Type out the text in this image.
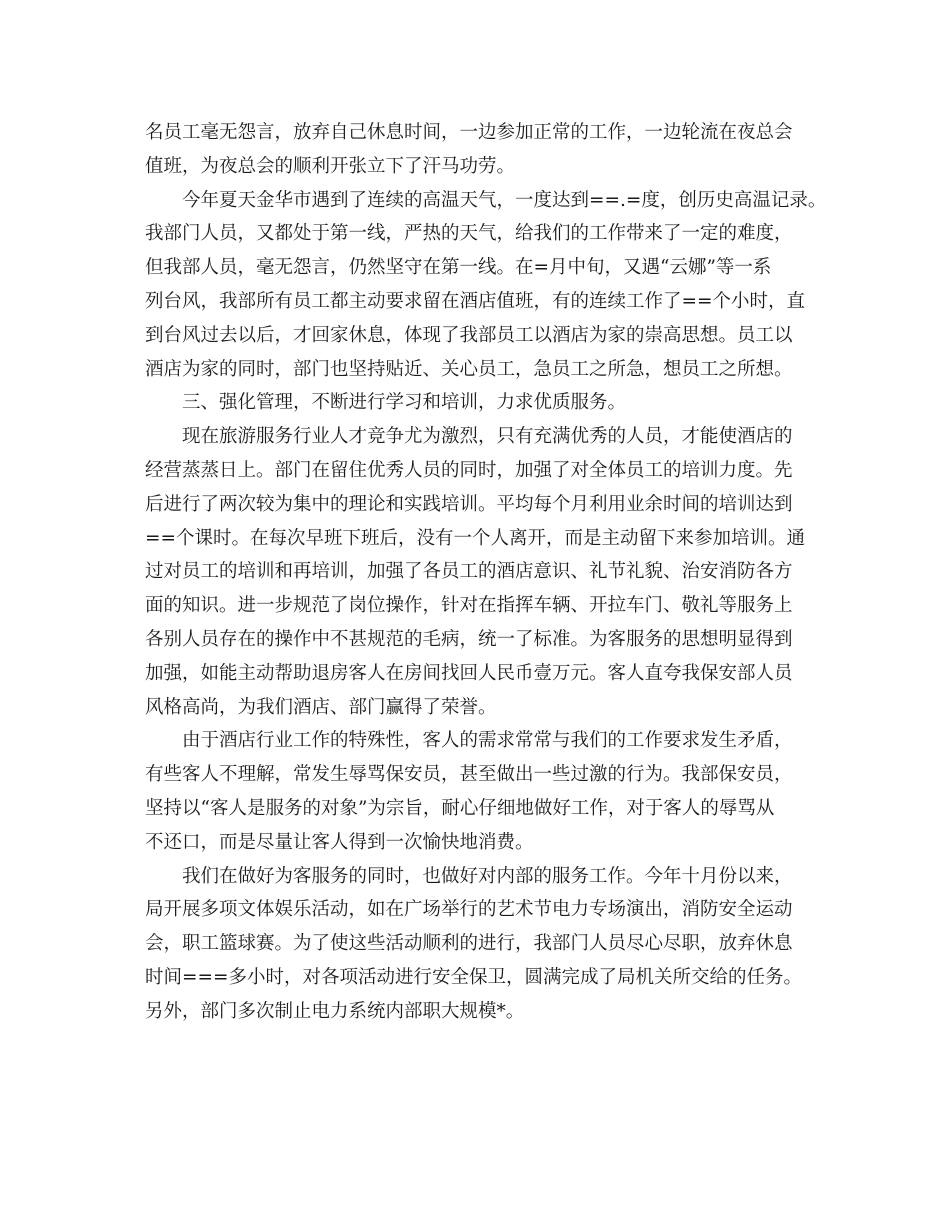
名员工毫无怨言，放弃自己休息时间，一边参加正常的工作，一边轮流在夜总会
值班，为夜总会的顺利开张立下了汗马功劳。
今年夏天金华市遇到了连续的高温天气，一度达到==.=度，创历史高温记录。
我部门人员，又都处于第一线，严热的天气，给我们的工作带来了一定的难度，
但我部人员，毫无怨言，仍然坚守在第一线。在=月中旬，又遇“云娜”等一系
列台风，我部所有员工都主动要求留在酒店值班，有的连续工作了==个小时，直
到台风过去以后，才回家休息，体现了我部员工以酒店为家的崇高思想。员工以
酒店为家的同时，部门也坚持贴近、关心员工，急员工之所急，想员工之所想。
三、强化管理，不断进行学习和培训，力求优质服务。
现在旅游服务行业人才竞争尤为激烈，只有充满优秀的人员，才能使酒店的
经营蒸蒸日上。部门在留住优秀人员的同时，加强了对全体员工的培训力度。先
后进行了两次较为集中的理论和实践培训。平均每个月利用业余时间的培训达到
==个课时。在每次早班下班后，没有一个人离开，而是主动留下来参加培训。通
过对员工的培训和再培训，加强了各员工的酒店意识、礼节礼貌、治安消防各方
面的知识。进一步规范了岗位操作，针对在指挥车辆、开拉车门、敬礼等服务上
各别人员存在的操作中不甚规范的毛病，统一了标准。为客服务的思想明显得到
加强，如能主动帮助退房客人在房间找回人民币壹万元。客人直夸我保安部人员
风格高尚，为我们酒店、部门赢得了荣誉。
由于酒店行业工作的特殊性，客人的需求常常与我们的工作要求发生矛盾，
有些客人不理解，常发生辱骂保安员，甚至做出一些过激的行为。我部保安员，
坚持以“客人是服务的对象”为宗旨，耐心仔细地做好工作，对于客人的辱骂从
不还口，而是尽量让客人得到一次愉快地消费。
我们在做好为客服务的同时，也做好对内部的服务工作。今年十月份以来，
局开展多项文体娱乐活动，如在广场举行的艺术节电力专场演出，消防安全运动
会，职工篮球赛。为了使这些活动顺利的进行，我部门人员尽心尽职，放弃休息
时间===多小时，对各项活动进行安全保卫，圆满完成了局机关所交给的任务。
另外，部门多次制止电力系统内部职大规模*。
